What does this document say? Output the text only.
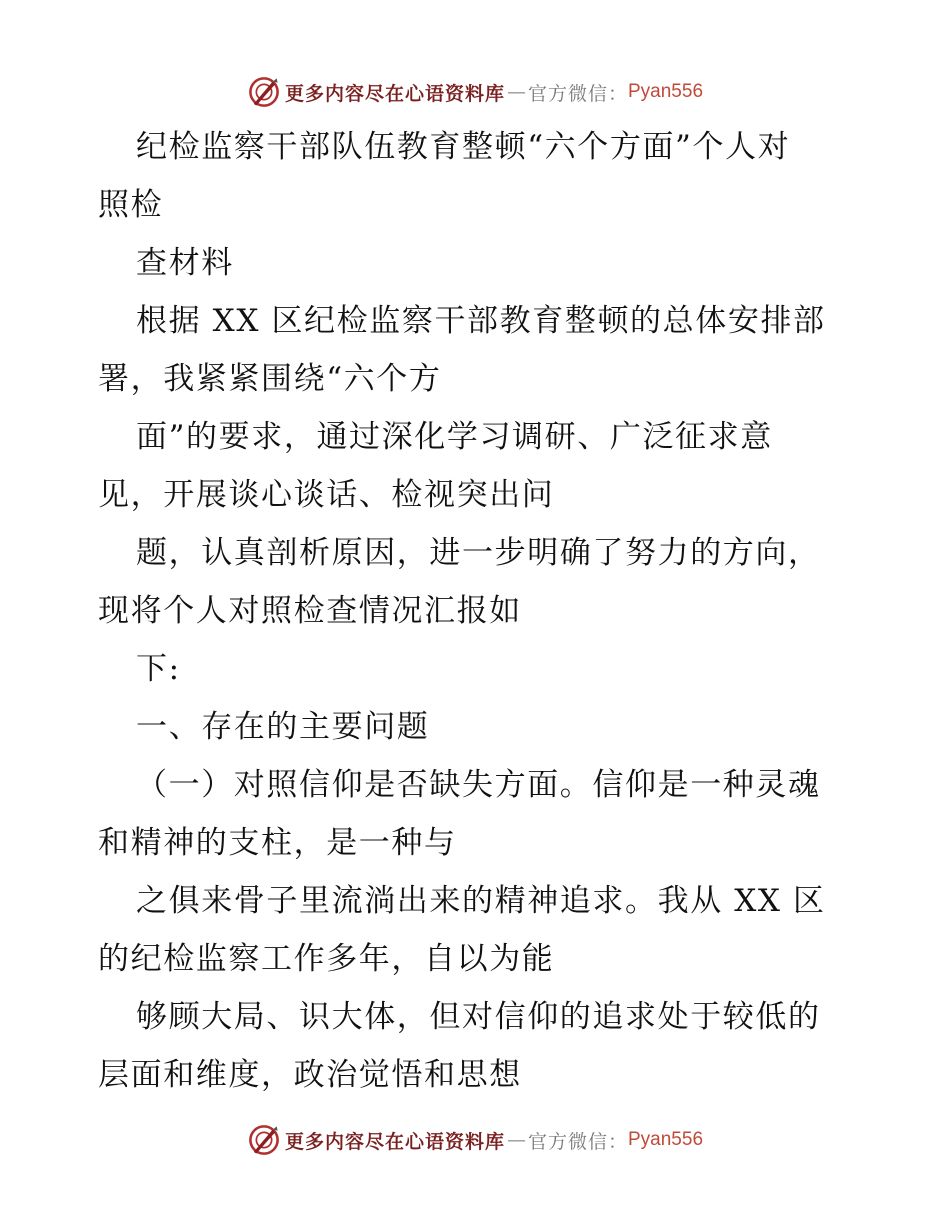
更多内容尽在心语资料库 — 官方微信： Pyan556
纪检监察干部队伍教育整顿“六个方面”个人对
照检
查材料
根据 XX 区纪检监察干部教育整顿的总体安排部
署，我紧紧围绕“六个方
面”的要求，通过深化学习调研、广泛征求意
见，开展谈心谈话、检视突出问
题，认真剖析原因，进一步明确了努力的方向，
现将个人对照检查情况汇报如
下:
一、存在的主要问题
（一）对照信仰是否缺失方面。信仰是一种灵魂
和精神的支柱，是一种与
之俱来骨子里流淌出来的精神追求。我从 XX 区
的纪检监察工作多年，自以为能
够顾大局、识大体，但对信仰的追求处于较低的
层面和维度，政治觉悟和思想
更多内容尽在心语资料库 — 官方微信： Pyan556
